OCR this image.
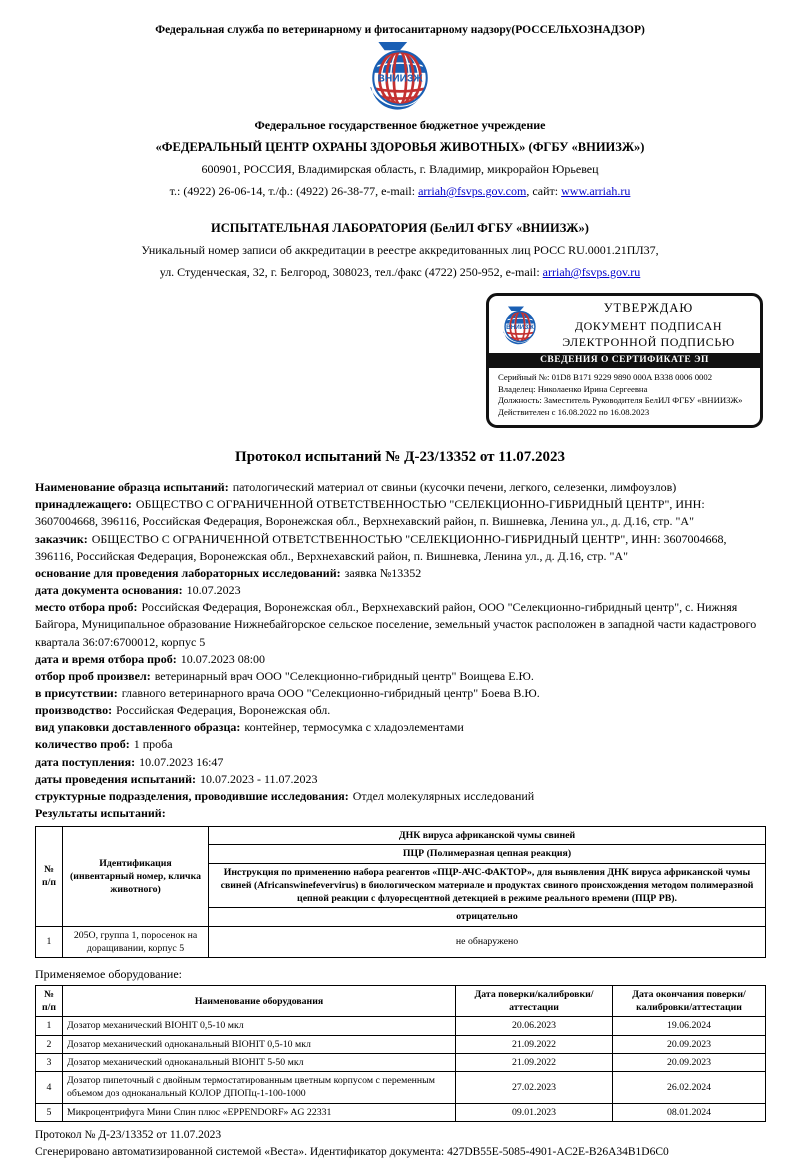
Федеральная служба по ветеринарному и фитосанитарному надзору(РОССЕЛЬХОЗНАДЗОР)
ВНИИЗЖ
Федеральное государственное бюджетное учреждение
«ФЕДЕРАЛЬНЫЙ ЦЕНТР ОХРАНЫ ЗДОРОВЬЯ ЖИВОТНЫХ» (ФГБУ «ВНИИЗЖ»)
600901, РОССИЯ, Владимирская область, г. Владимир, микрорайон Юрьевец
т.: (4922) 26-06-14, т./ф.: (4922) 26-38-77, e-mail: arriah@fsvps.gov.com, сайт: www.arriah.ru
ИСПЫТАТЕЛЬНАЯ ЛАБОРАТОРИЯ (БелИЛ ФГБУ «ВНИИЗЖ»)
Уникальный номер записи об аккредитации в реестре аккредитованных лиц РОСС RU.0001.21ПЛ37,
ул. Студенческая, 32, г. Белгород, 308023, тел./факс (4722) 250-952, e-mail: arriah@fsvps.gov.ru
ВНИИЗЖ
УТВЕРЖДАЮ
ДОКУМЕНТ ПОДПИСАН
ЭЛЕКТРОННОЙ ПОДПИСЬЮ
СВЕДЕНИЯ О СЕРТИФИКАТЕ ЭП
Серийный №: 01D8 B171 9229 9890 000A B338 0006 0002
Владелец: Николаенко Ирина Сергеевна
Должность: Заместитель Руководителя БелИЛ ФГБУ «ВНИИЗЖ»
Действителен с 16.08.2022 по 16.08.2023
Протокол испытаний № Д-23/13352 от 11.07.2023
Наименование образца испытаний: патологический материал от свиньи (кусочки печени, легкого, селезенки, лимфоузлов)
принадлежащего: ОБЩЕСТВО С ОГРАНИЧЕННОЙ ОТВЕТСТВЕННОСТЬЮ "СЕЛЕКЦИОННО-ГИБРИДНЫЙ ЦЕНТР", ИНН: 3607004668, 396116, Российская Федерация, Воронежская обл., Верхнехавский район, п. Вишневка, Ленина ул., д. Д.16, стр. "А"
заказчик: ОБЩЕСТВО С ОГРАНИЧЕННОЙ ОТВЕТСТВЕННОСТЬЮ "СЕЛЕКЦИОННО-ГИБРИДНЫЙ ЦЕНТР", ИНН: 3607004668, 396116, Российская Федерация, Воронежская обл., Верхнехавский район, п. Вишневка, Ленина ул., д. Д.16, стр. "А"
основание для проведения лабораторных исследований: заявка №13352
дата документа основания: 10.07.2023
место отбора проб: Российская Федерация, Воронежская обл., Верхнехавский район, ООО "Селекционно-гибридный центр", с. Нижняя Байгора, Муниципальное образование Нижнебайгорское сельское поселение, земельный участок расположен в западной части кадастрового квартала 36:07:6700012, корпус 5
дата и время отбора проб: 10.07.2023 08:00
отбор проб произвел: ветеринарный врач ООО "Селекционно-гибридный центр" Воищева Е.Ю.
в присутствии: главного ветеринарного врача ООО "Селекционно-гибридный центр" Боева В.Ю.
производство: Российская Федерация, Воронежская обл.
вид упаковки доставленного образца: контейнер, термосумка с хладоэлементами
количество проб: 1 проба
дата поступления: 10.07.2023 16:47
даты проведения испытаний: 10.07.2023 - 11.07.2023
структурные подразделения, проводившие исследования: Отдел молекулярных исследований
Результаты испытаний:
№ п/п	Идентификация (инвентарный номер, кличка животного)	ДНК вируса африканской чумы свиней
		ПЦР (Полимеразная цепная реакция)
		Инструкция по применению набора реагентов «ПЦР-АЧС-ФАКТОР», для выявления ДНК вируса африканской чумы свиней (Africanswinefevervirus) в биологическом материале и продуктах свиного происхождения методом полимеразной цепной реакции с флуоресцентной детекцией в режиме реального времени (ПЦР РВ).
		отрицательно
1	205О, группа 1, поросенок на доращивании, корпус 5	не обнаружено
Применяемое оборудование:
№ п/п	Наименование оборудования	Дата поверки/калибровки/аттестации	Дата окончания поверки/калибровки/аттестации
1	Дозатор механический BIOHIT 0,5-10 мкл	20.06.2023	19.06.2024
2	Дозатор механический одноканальный BIOHIT 0,5-10 мкл	21.09.2022	20.09.2023
3	Дозатор механический одноканальный BIOHIT 5-50 мкл	21.09.2022	20.09.2023
4	Дозатор пипеточный с двойным термостатированным цветным корпусом с переменным объемом доз одноканальный КОЛОР ДПОПц-1-100-1000	27.02.2023	26.02.2024
5	Микроцентрифуга Мини Спин плюс «EPPENDORF» AG 22331	09.01.2023	08.01.2024
Протокол № Д-23/13352 от 11.07.2023
Сгенерировано автоматизированной системой «Веста». Идентификатор документа: 427DB55E-5085-4901-AC2E-B26A34B1D6C0
